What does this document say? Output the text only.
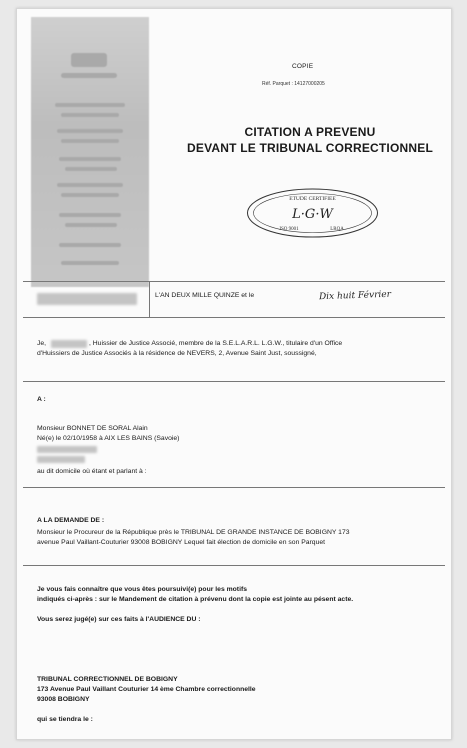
COPIE
Réf. Parquet : 14127000205
CITATION A PREVENU
DEVANT LE TRIBUNAL CORRECTIONNEL
ETUDE CERTIFIEE
L·G·W
ISO 9001	LRQA
L'AN DEUX MILLE QUINZE et le	Dix huit Février
Je,	, Huissier de Justice Associé, membre de la S.E.L.A.R.L. L.G.W., titulaire d'un Office
d'Huissiers de Justice Associés à la résidence de NEVERS, 2, Avenue Saint Just, soussigné,
A :
Monsieur BONNET DE SORAL Alain
Né(e) le 02/10/1958 à AIX LES BAINS (Savoie)
au dit domicile où étant et parlant à :
A LA DEMANDE DE :
Monsieur le Procureur de la République près le TRIBUNAL DE GRANDE INSTANCE DE BOBIGNY 173
avenue Paul Vaillant-Couturier 93008 BOBIGNY Lequel fait élection de domicile en son Parquet
Je vous fais connaître que vous êtes poursuivi(e) pour les motifs
indiqués ci-après : sur le Mandement de citation à prévenu dont la copie est jointe au pésent acte.
Vous serez jugé(e) sur ces faits à l'AUDIENCE DU :
TRIBUNAL CORRECTIONNEL DE BOBIGNY
173 Avenue Paul Vaillant Couturier 14 ème Chambre correctionnelle
93008 BOBIGNY
qui se tiendra le :
